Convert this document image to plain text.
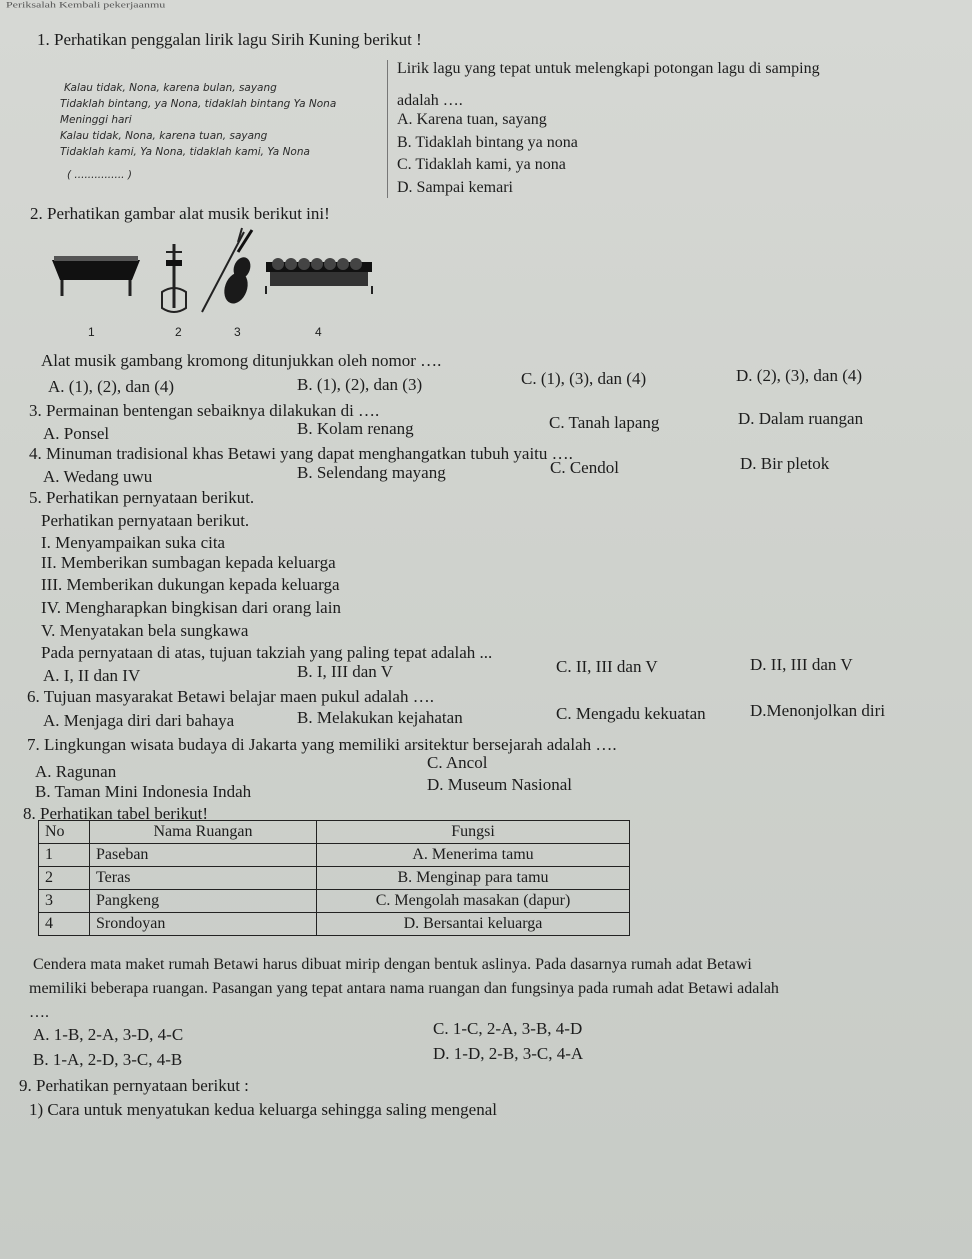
Periksalah Kembali pekerjaanmu
1. Perhatikan penggalan lirik lagu Sirih Kuning berikut !
Kalau tidak, Nona, karena bulan, sayang
Tidaklah bintang, ya Nona, tidaklah bintang Ya Nona
Meninggi hari
Kalau tidak, Nona, karena tuan, sayang
Tidaklah kami, Ya Nona, tidaklah kami, Ya Nona
( ............... )
Lirik lagu yang tepat untuk melengkapi potongan lagu di samping
adalah ….
A. Karena tuan, sayang
B. Tidaklah bintang ya nona
C. Tidaklah kami, ya nona
D. Sampai kemari
2. Perhatikan gambar alat musik berikut ini!
1	2	3	4
Alat musik gambang kromong ditunjukkan oleh nomor ….
A. (1), (2), dan (4)	B. (1), (2), dan (3)	C. (1), (3), dan (4)	D. (2), (3), dan (4)
3. Permainan bentengan sebaiknya dilakukan di ….
A. Ponsel	B. Kolam renang	C. Tanah lapang	D. Dalam ruangan
4. Minuman tradisional khas Betawi yang dapat menghangatkan tubuh yaitu ….
A. Wedang uwu	B. Selendang mayang	C. Cendol	D. Bir pletok
5. Perhatikan pernyataan berikut.
Perhatikan pernyataan berikut.
I. Menyampaikan suka cita
II. Memberikan sumbagan kepada keluarga
III. Memberikan dukungan kepada keluarga
IV. Mengharapkan bingkisan dari orang lain
V. Menyatakan bela sungkawa
Pada pernyataan di atas, tujuan takziah yang paling tepat adalah ...
A. I, II dan IV	B. I, III dan V	C. II, III dan V	D. II, III dan V
6. Tujuan masyarakat Betawi belajar maen pukul adalah ….
A. Menjaga diri dari bahaya	B. Melakukan kejahatan	C. Mengadu kekuatan	D.Menonjolkan diri
7. Lingkungan wisata budaya di Jakarta yang memiliki arsitektur bersejarah adalah ….
A. Ragunan
B. Taman Mini Indonesia Indah
C. Ancol
D. Museum Nasional
8. Perhatikan tabel berikut!
No	Nama Ruangan	Fungsi
1	Paseban	A. Menerima tamu
2	Teras	B. Menginap para tamu
3	Pangkeng	C. Mengolah masakan (dapur)
4	Srondoyan	D. Bersantai keluarga
Cendera mata maket rumah Betawi harus dibuat mirip dengan bentuk aslinya. Pada dasarnya rumah adat Betawi
memiliki beberapa ruangan. Pasangan yang tepat antara nama ruangan dan fungsinya pada rumah adat Betawi adalah
….
A. 1-B, 2-A, 3-D, 4-C
B. 1-A, 2-D, 3-C, 4-B
C. 1-C, 2-A, 3-B, 4-D
D. 1-D, 2-B, 3-C, 4-A
9. Perhatikan pernyataan berikut :
1) Cara untuk menyatukan kedua keluarga sehingga saling mengenal
